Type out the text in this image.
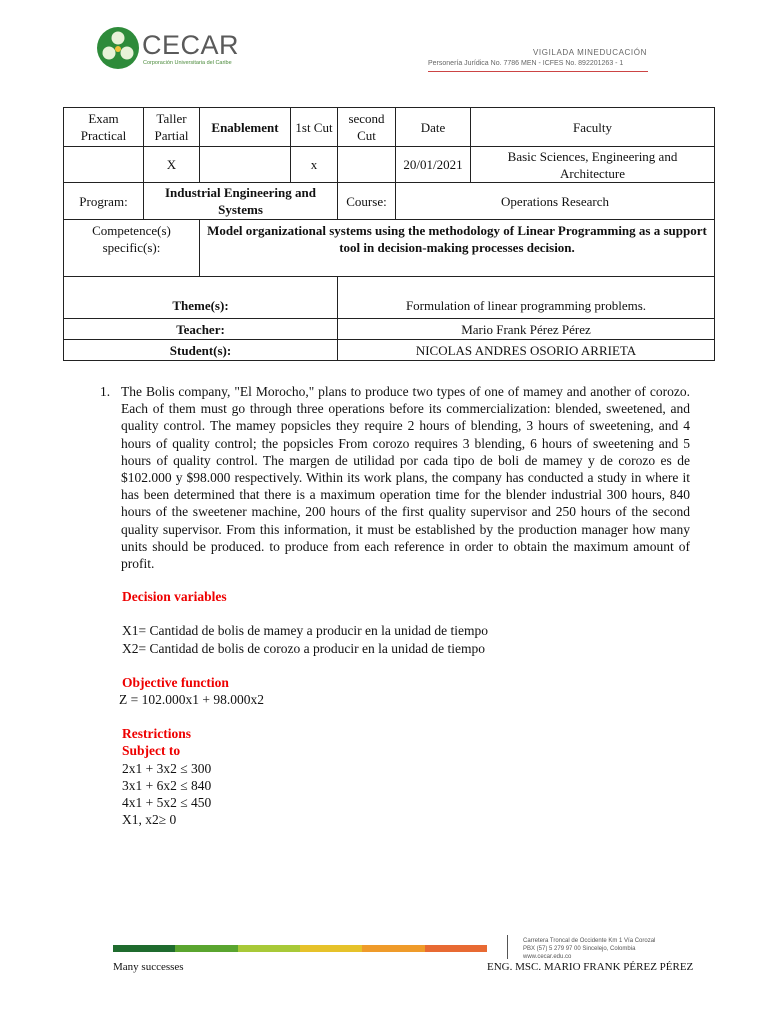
CECAR
Corporación Universitaria del Caribe
VIGILADA MINEDUCACIÓN
Personería Jurídica No. 7786 MEN - ICFES No. 892201263 - 1
Exam Practical	Taller Partial	Enablement	1st Cut	second Cut	Date	Faculty
	X		x		20/01/2021	Basic Sciences, Engineering and Architecture
Program:	Industrial Engineering and Systems			Course:	Operations Research	
Competence(s) specific(s):		Model organizational systems using the methodology of Linear Programming as a support tool in decision-making processes decision.				
Theme(s):				Formulation of linear programming problems.		
Teacher:				Mario Frank Pérez Pérez		
Student(s):				NICOLAS ANDRES OSORIO ARRIETA		
1. The Bolis company, "El Morocho," plans to produce two types of one of mamey and another of corozo. Each of them must go through three operations before its commercialization: blended, sweetened, and quality control. The mamey popsicles they require 2 hours of blending, 3 hours of sweetening, and 4 hours of quality control; the popsicles From corozo requires 3 blending, 6 hours of sweetening and 5 hours of quality control. The margen de utilidad por cada tipo de boli de mamey y de corozo es de $102.000 y $98.000 respectively. Within its work plans, the company has conducted a study in where it has been determined that there is a maximum operation time for the blender industrial 300 hours, 840 hours of the sweetener machine, 200 hours of the first quality supervisor and 250 hours of the second quality supervisor. From this information, it must be established by the production manager how many units should be produced. to produce from each reference in order to obtain the maximum amount of profit.
Decision variables
X1= Cantidad de bolis de mamey a producir en la unidad de tiempo
X2= Cantidad de bolis de corozo a producir en la unidad de tiempo
Objective function
Z = 102.000x1 + 98.000x2
Restrictions
Subject to
2x1 + 3x2 ≤ 300
3x1 + 6x2 ≤ 840
4x1 + 5x2 ≤ 450
X1, x2≥ 0
Carretera Troncal de Occidente Km 1 Vía Corozal
PBX (57) 5 279 97 00 Sincelejo, Colombia
www.cecar.edu.co
Many successes	ENG. MSC. MARIO FRANK PÉREZ PÉREZ
